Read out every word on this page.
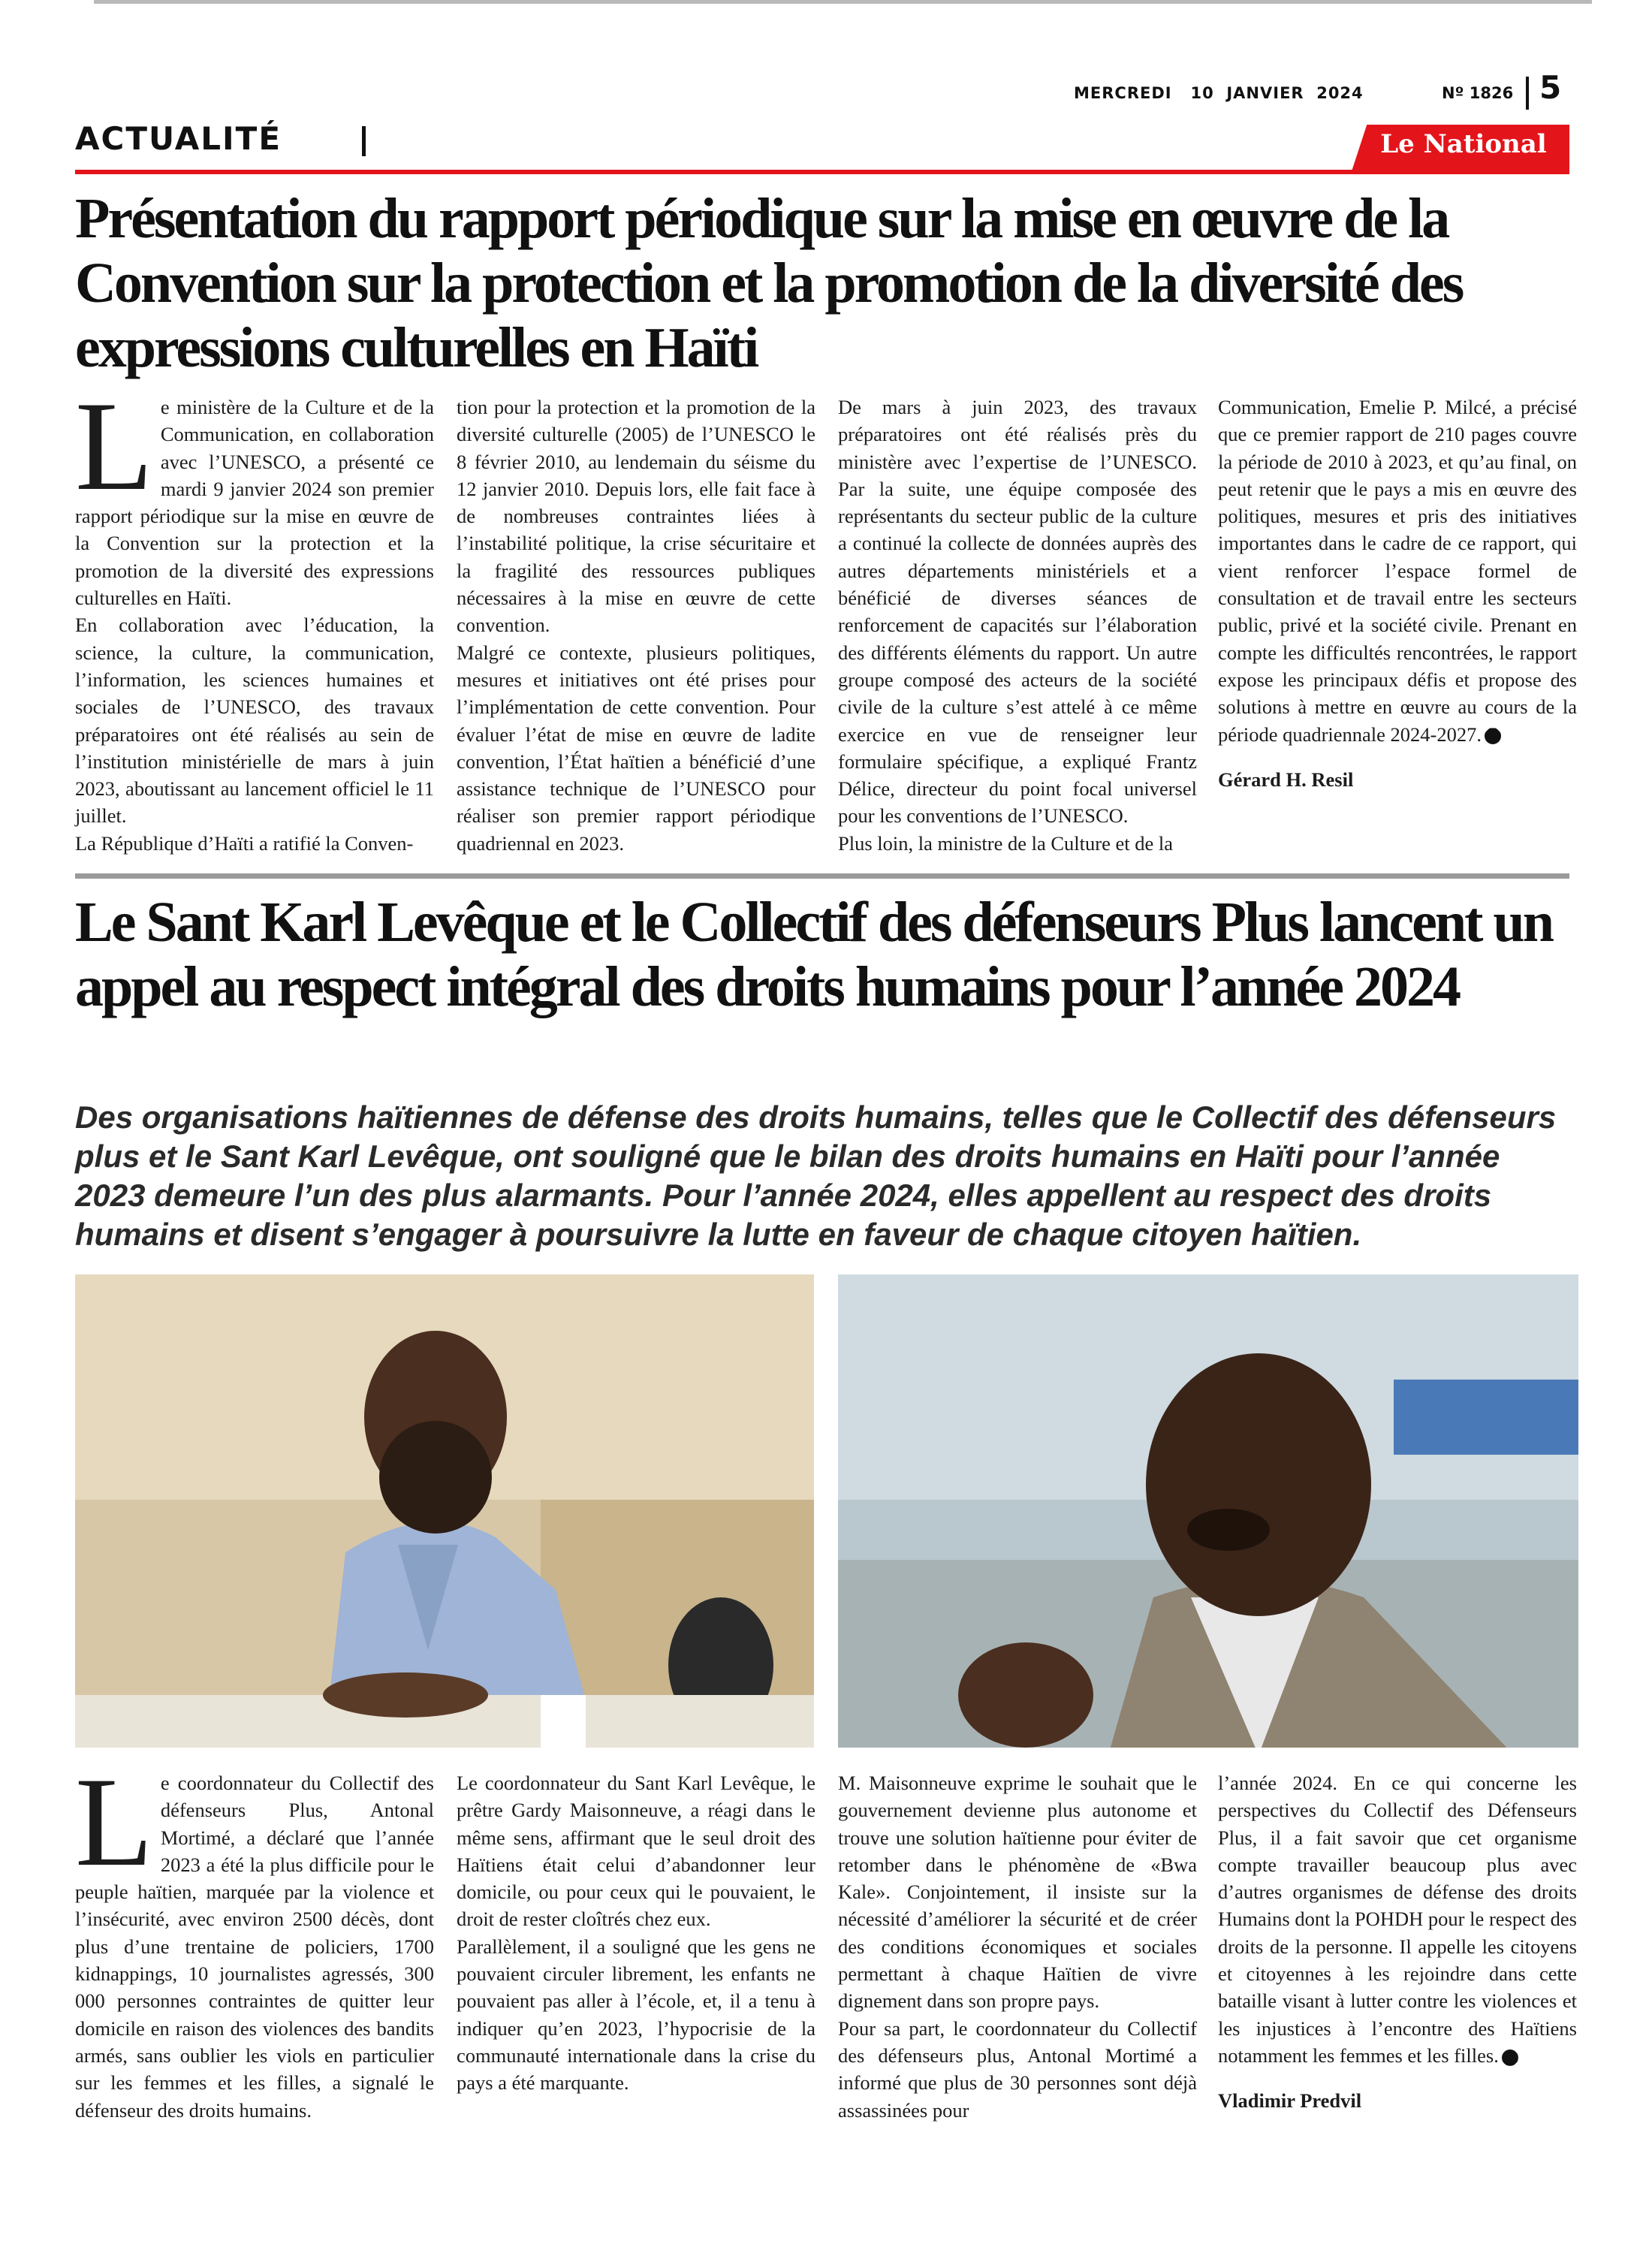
MERCREDI   10  JANVIER  2024	Nº 1826 5
ACTUALITÉ	Le National
Présentation du rapport périodique sur la mise en œuvre de la Convention sur la protection et la promotion de la diversité des expressions culturelles en Haïti

Le ministère de la Culture et de la Communication, en collaboration avec l’UNESCO, a présenté ce mardi 9 janvier 2024 son premier rapport périodique sur la mise en œuvre de la Convention sur la protection et la promotion de la diversité des expressions culturelles en Haïti.

En collaboration avec l’éducation, la science, la culture, la communication, l’information, les sciences humaines et sociales de l’UNESCO, des travaux préparatoires ont été réalisés au sein de l’institution ministérielle de mars à juin 2023, aboutissant au lancement officiel le 11 juillet.

La République d’Haïti a ratifié la Conven-

tion pour la protection et la promotion de la diversité culturelle (2005) de l’UNESCO le 8 février 2010, au lendemain du séisme du 12 janvier 2010. Depuis lors, elle fait face à de nombreuses contraintes liées à l’instabilité politique, la crise sécuritaire et la fragilité des ressources publiques nécessaires à la mise en œuvre de cette convention.

Malgré ce contexte, plusieurs politiques, mesures et initiatives ont été prises pour l’implémentation de cette convention. Pour évaluer l’état de mise en œuvre de ladite convention, l’État haïtien a bénéficié d’une assistance technique de l’UNESCO pour réaliser son premier rapport périodique quadriennal en 2023.

De mars à juin 2023, des travaux préparatoires ont été réalisés près du ministère avec l’expertise de l’UNESCO. Par la suite, une équipe composée des représentants du secteur public de la culture a continué la collecte de données auprès des autres départements ministériels et a bénéficié de diverses séances de renforcement de capacités sur l’élaboration des différents éléments du rapport. Un autre groupe composé des acteurs de la société civile de la culture s’est attelé à ce même exercice en vue de renseigner leur formulaire spécifique, a expliqué Frantz Délice, directeur du point focal universel pour les conventions de l’UNESCO.

Plus loin, la ministre de la Culture et de la

Communication, Emelie P. Milcé, a précisé que ce premier rapport de 210 pages couvre la période de 2010 à 2023, et qu’au final, on peut retenir que le pays a mis en œuvre des politiques, mesures et pris des initiatives importantes dans le cadre de ce rapport, qui vient renforcer l’espace formel de consultation et de travail entre les secteurs public, privé et la société civile. Prenant en compte les difficultés rencontrées, le rapport expose les principaux défis et propose des solutions à mettre en œuvre au cours de la période quadriennale 2024-2027.

Gérard H. Resil

Le Sant Karl Levêque et le Collectif des défenseurs Plus lancent un appel au respect intégral des droits humains pour l’année 2024
Des organisations haïtiennes de défense des droits humains, telles que le Collectif des défenseurs plus et le Sant Karl Levêque, ont souligné que le bilan des droits humains en Haïti pour l’année 2023 demeure l’un des plus alarmants. Pour l’année 2024, elles appellent au respect des droits humains et disent s’engager à poursuivre la lutte en faveur de chaque citoyen haïtien.

Le coordonnateur du Collectif des défenseurs Plus, Antonal Mortimé, a déclaré que l’année 2023 a été la plus difficile pour le peuple haïtien, marquée par la violence et l’insécurité, avec environ 2500 décès, dont plus d’une trentaine de policiers, 1700 kidnappings, 10 journalistes agressés, 300 000 personnes contraintes de quitter leur domicile en raison des violences des bandits armés, sans oublier les viols en particulier sur les femmes et les filles, a signalé le défenseur des droits humains.

Le coordonnateur du Sant Karl Levêque, le prêtre Gardy Maisonneuve, a réagi dans le même sens, affirmant que le seul droit des Haïtiens était celui d’abandonner leur domicile, ou pour ceux qui le pouvaient, le droit de rester cloîtrés chez eux.

Parallèlement, il a souligné que les gens ne pouvaient circuler librement, les enfants ne pouvaient pas aller à l’école, et, il a tenu à indiquer qu’en 2023, l’hypocrisie de la communauté internationale dans la crise du pays a été marquante.

M. Maisonneuve exprime le souhait que le gouvernement devienne plus autonome et trouve une solution haïtienne pour éviter de retomber dans le phénomène de «Bwa Kale». Conjointement, il insiste sur la nécessité d’améliorer la sécurité et de créer des conditions économiques et sociales permettant à chaque Haïtien de vivre dignement dans son propre pays.

Pour sa part, le coordonnateur du Collectif des défenseurs plus, Antonal Mortimé a informé que plus de 30 personnes sont déjà assassinées pour

l’année 2024. En ce qui concerne les perspectives du Collectif des Défenseurs Plus, il a fait savoir que cet organisme compte travailler beaucoup plus avec d’autres organismes de défense des droits Humains dont la POHDH pour le respect des droits de la personne. Il appelle les citoyens et citoyennes à les rejoindre dans cette bataille visant à lutter contre les violences et les injustices à l’encontre des Haïtiens notamment les femmes et les filles.

Vladimir Predvil
